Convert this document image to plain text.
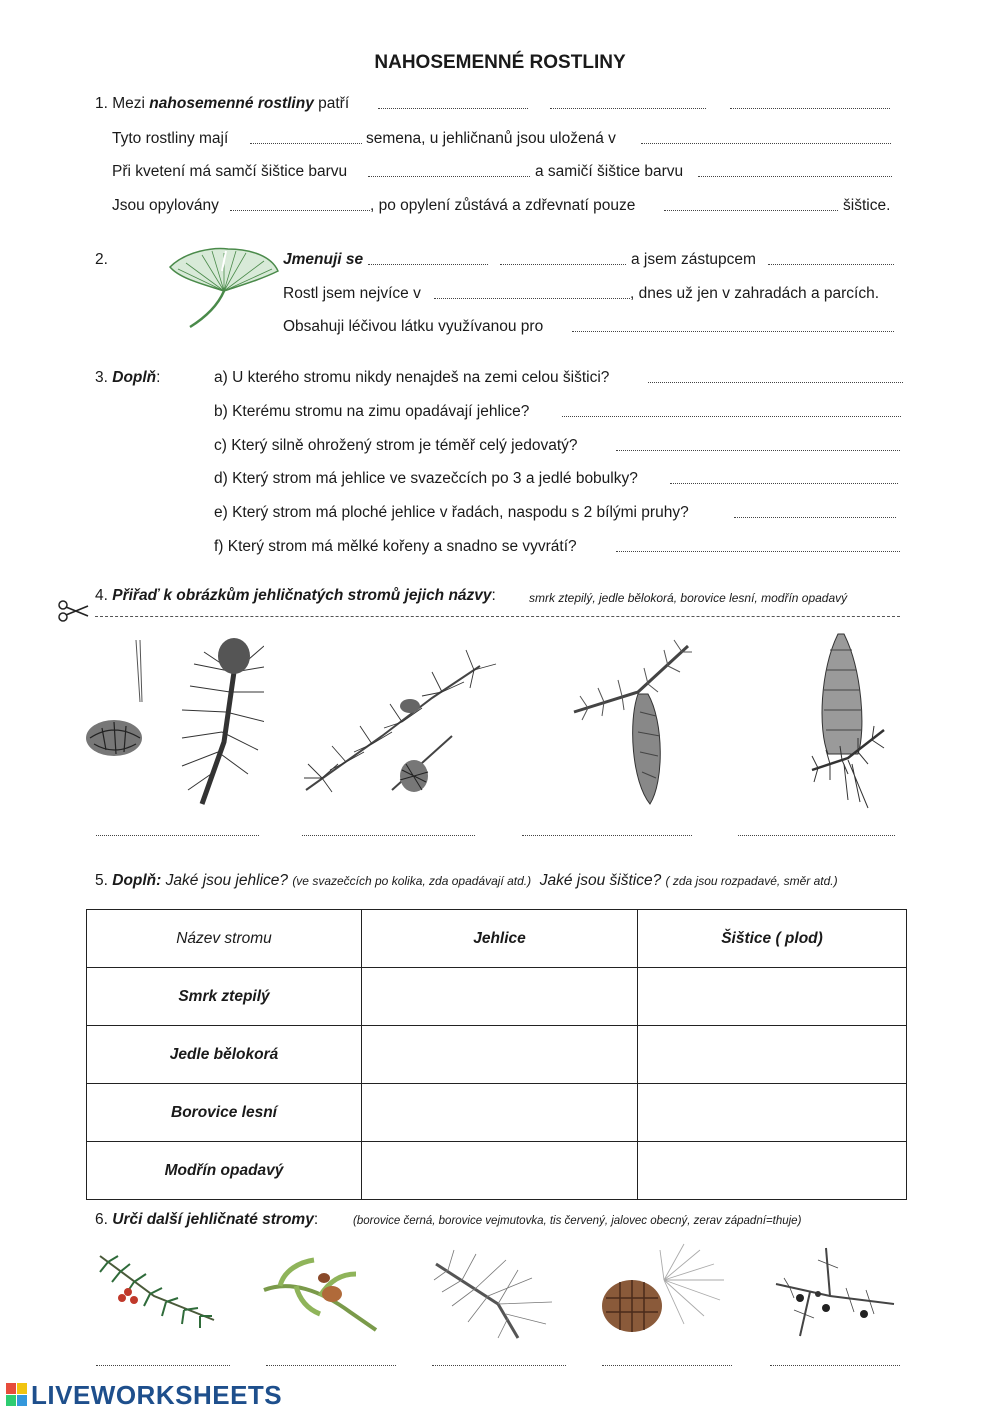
NAHOSEMENNÉ ROSTLINY
1. Mezi nahosemenné rostliny patří
Tyto rostliny mají	semena, u jehličnanů jsou uložená v
Při kvetení má samčí šištice barvu	a samičí šištice barvu
Jsou opylovány	, po opylení zůstává a zdřevnatí pouze	šištice.
2.	Jmenuji se	a jsem zástupcem
Rostl jsem nejvíce v	, dnes už jen v zahradách a parcích.
Obsahuji léčivou látku využívanou pro
3. Doplň:	a) U kterého stromu nikdy nenajdeš na zemi celou šištici?
b) Kterému stromu na zimu opadávají jehlice?
c) Který silně ohrožený strom je téměř celý jedovatý?
d) Který strom má jehlice ve svazečcích po 3 a jedlé bobulky?
e) Který strom má ploché jehlice v řadách, naspodu s 2 bílými pruhy?
f) Který strom má mělké kořeny a snadno se vyvrátí?
4. Přiřaď k obrázkům jehličnatých stromů jejich názvy:	smrk ztepilý, jedle bělokorá, borovice lesní, modřín opadavý
5. Doplň: Jaké jsou jehlice? (ve svazečcích po kolika, zda opadávají atd.) Jaké jsou šištice? ( zda jsou rozpadavé, směr atd.)
Název stromu	Jehlice	Šištice ( plod)
Smrk ztepilý		
Jedle bělokorá		
Borovice lesní		
Modřín opadavý		
6. Urči další jehličnaté stromy:	(borovice černá, borovice vejmutovka, tis červený, jalovec obecný, zerav západní=thuje)
LIVEWORKSHEETS
